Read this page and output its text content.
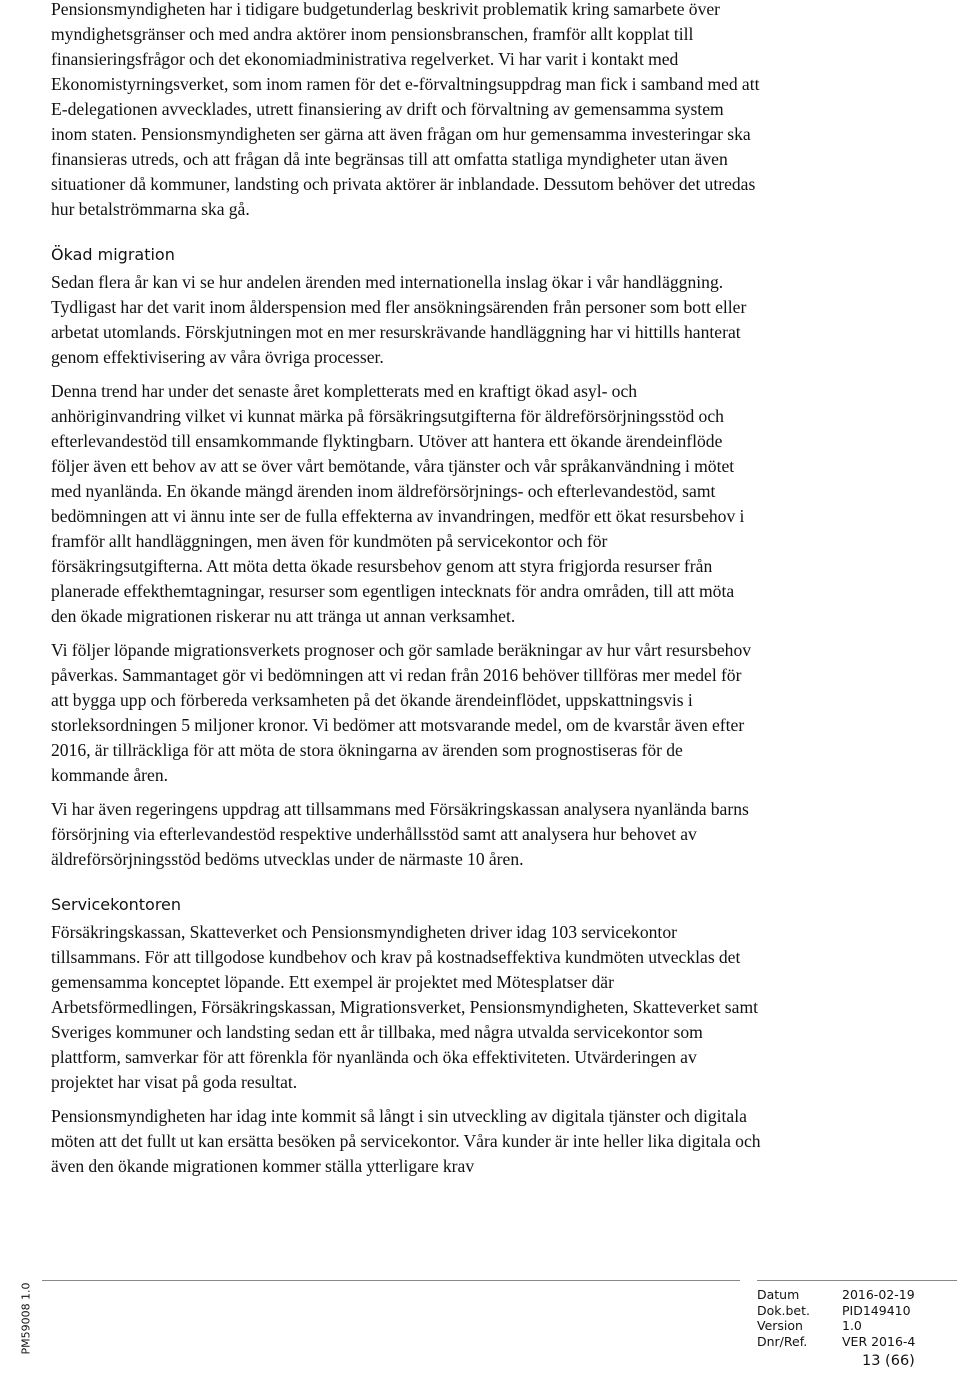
Pensionsmyndigheten har i tidigare budgetunderlag beskrivit problematik kring samarbete över myndighetsgränser och med andra aktörer inom pensionsbranschen, framför allt kopplat till finansieringsfrågor och det ekonomiadministrativa regelverket. Vi har varit i kontakt med Ekonomistyrningsverket, som inom ramen för det e-förvaltningsuppdrag man fick i samband med att E-delegationen avvecklades, utrett finansiering av drift och förvaltning av gemensamma system inom staten. Pensionsmyndigheten ser gärna att även frågan om hur gemensamma investeringar ska finansieras utreds, och att frågan då inte begränsas till att omfatta statliga myndigheter utan även situationer då kommuner, landsting och privata aktörer är inblandade. Dessutom behöver det utredas hur betalströmmarna ska gå.

Ökad migration

Sedan flera år kan vi se hur andelen ärenden med internationella inslag ökar i vår handläggning. Tydligast har det varit inom ålderspension med fler ansökningsärenden från personer som bott eller arbetat utomlands. Förskjutningen mot en mer resurskrävande handläggning har vi hittills hanterat genom effektivisering av våra övriga processer.

Denna trend har under det senaste året kompletterats med en kraftigt ökad asyl- och anhöriginvandring vilket vi kunnat märka på försäkringsutgifterna för äldreförsörjningsstöd och efterlevandestöd till ensamkommande flyktingbarn. Utöver att hantera ett ökande ärendeinflöde följer även ett behov av att se över vårt bemötande, våra tjänster och vår språkanvändning i mötet med nyanlända. En ökande mängd ärenden inom äldreförsörjnings- och efterlevandestöd, samt bedömningen att vi ännu inte ser de fulla effekterna av invandringen, medför ett ökat resursbehov i framför allt handläggningen, men även för kundmöten på servicekontor och för försäkringsutgifterna. Att möta detta ökade resursbehov genom att styra frigjorda resurser från planerade effekthemtagningar, resurser som egentligen intecknats för andra områden, till att möta den ökade migrationen riskerar nu att tränga ut annan verksamhet.

Vi följer löpande migrationsverkets prognoser och gör samlade beräkningar av hur vårt resursbehov påverkas. Sammantaget gör vi bedömningen att vi redan från 2016 behöver tillföras mer medel för att bygga upp och förbereda verksamheten på det ökande ärendeinflödet, uppskattningsvis i storleksordningen 5 miljoner kronor. Vi bedömer att motsvarande medel, om de kvarstår även efter 2016, är tillräckliga för att möta de stora ökningarna av ärenden som prognostiseras för de kommande åren.

Vi har även regeringens uppdrag att tillsammans med Försäkringskassan analysera nyanlända barns försörjning via efterlevandestöd respektive underhållsstöd samt att analysera hur behovet av äldreförsörjningsstöd bedöms utvecklas under de närmaste 10 åren.

Servicekontoren

Försäkringskassan, Skatteverket och Pensionsmyndigheten driver idag 103 servicekontor tillsammans. För att tillgodose kundbehov och krav på kostnadseffektiva kundmöten utvecklas det gemensamma konceptet löpande. Ett exempel är projektet med Mötesplatser där Arbetsförmedlingen, Försäkringskassan, Migrationsverket, Pensionsmyndigheten, Skatteverket samt Sveriges kommuner och landsting sedan ett år tillbaka, med några utvalda servicekontor som plattform, samverkar för att förenkla för nyanlända och öka effektiviteten. Utvärderingen av projektet har visat på goda resultat.

Pensionsmyndigheten har idag inte kommit så långt i sin utveckling av digitala tjänster och digitala möten att det fullt ut kan ersätta besöken på servicekontor. Våra kunder är inte heller lika digitala och även den ökande migrationen kommer ställa ytterligare krav

PM59008 1.0	Datum	2016-02-19
Dok.bet.	PID149410
Version	1.0
Dnr/Ref.	VER 2016-4
13 (66)
